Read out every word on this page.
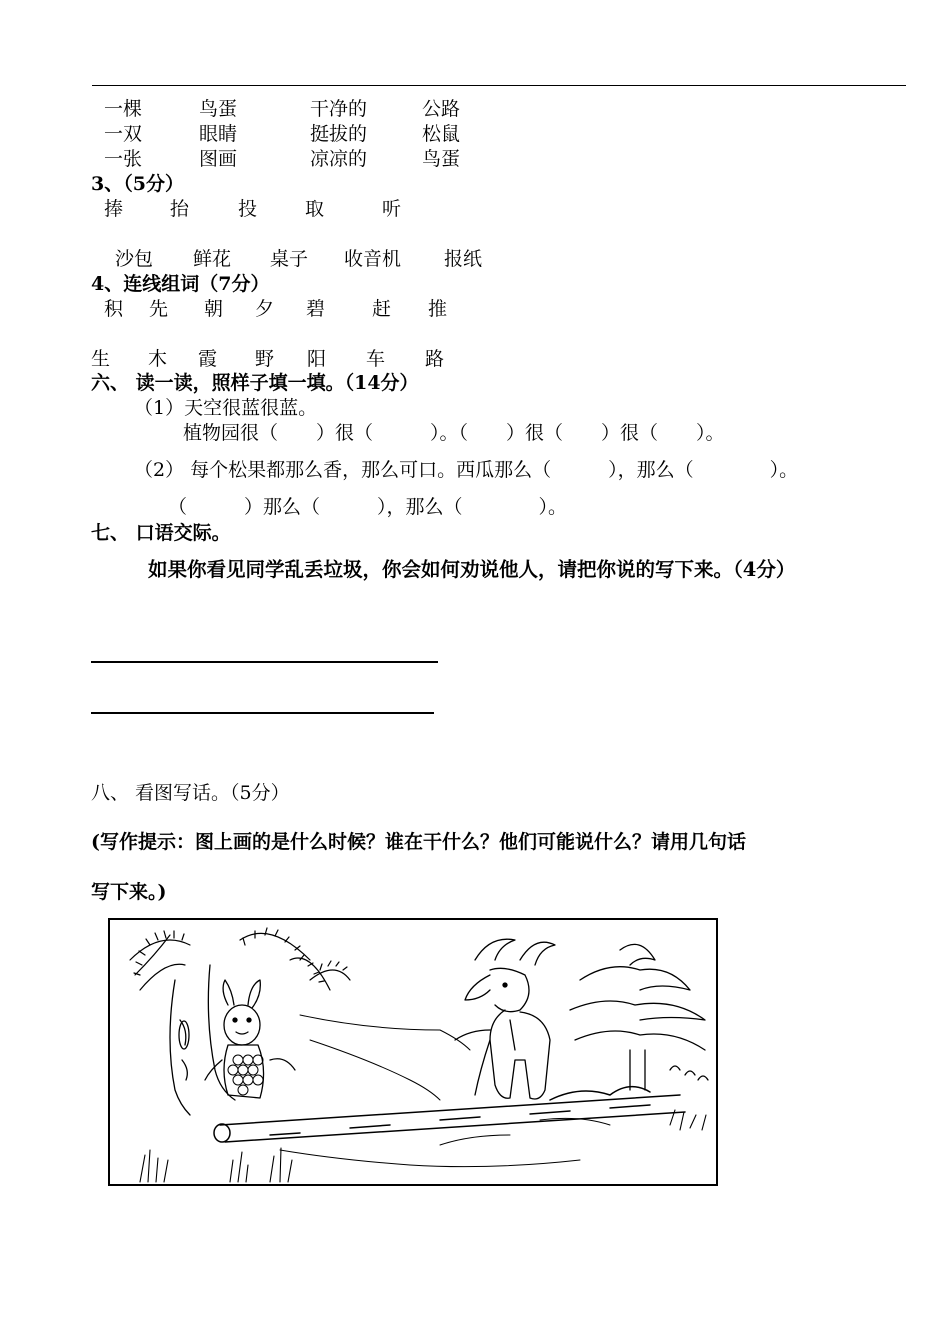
一棵	鸟蛋	干净的	公路
一双	眼睛	挺拔的	松鼠
一张	图画	凉凉的	鸟蛋
3、（5分）
捧 抬	投	取	听
沙包 鲜花 桌子 收音机 报纸
4、连线组词（7分）
积 先 朝 夕 碧 赶 推
生 木 霞 野 阳 车 路
六、 读一读，照样子填一填。（14分）
（1）天空很蓝很蓝。
植物园很（　　）很（　　　）。（　　）很（　　）很（　　）。
（2） 每个松果都那么香，那么可口。西瓜那么（　　　），那么（　　　　）。
（　　　）那么（　　　），那么（　　　　）。
七、 口语交际。
如果你看见同学乱丢垃圾，你会如何劝说他人，请把你说的写下来。（4分）
八、 看图写话。（5分）
(写作提示：图上画的是什么时候？谁在干什么？他们可能说什么？请用几句话
写下来。)
